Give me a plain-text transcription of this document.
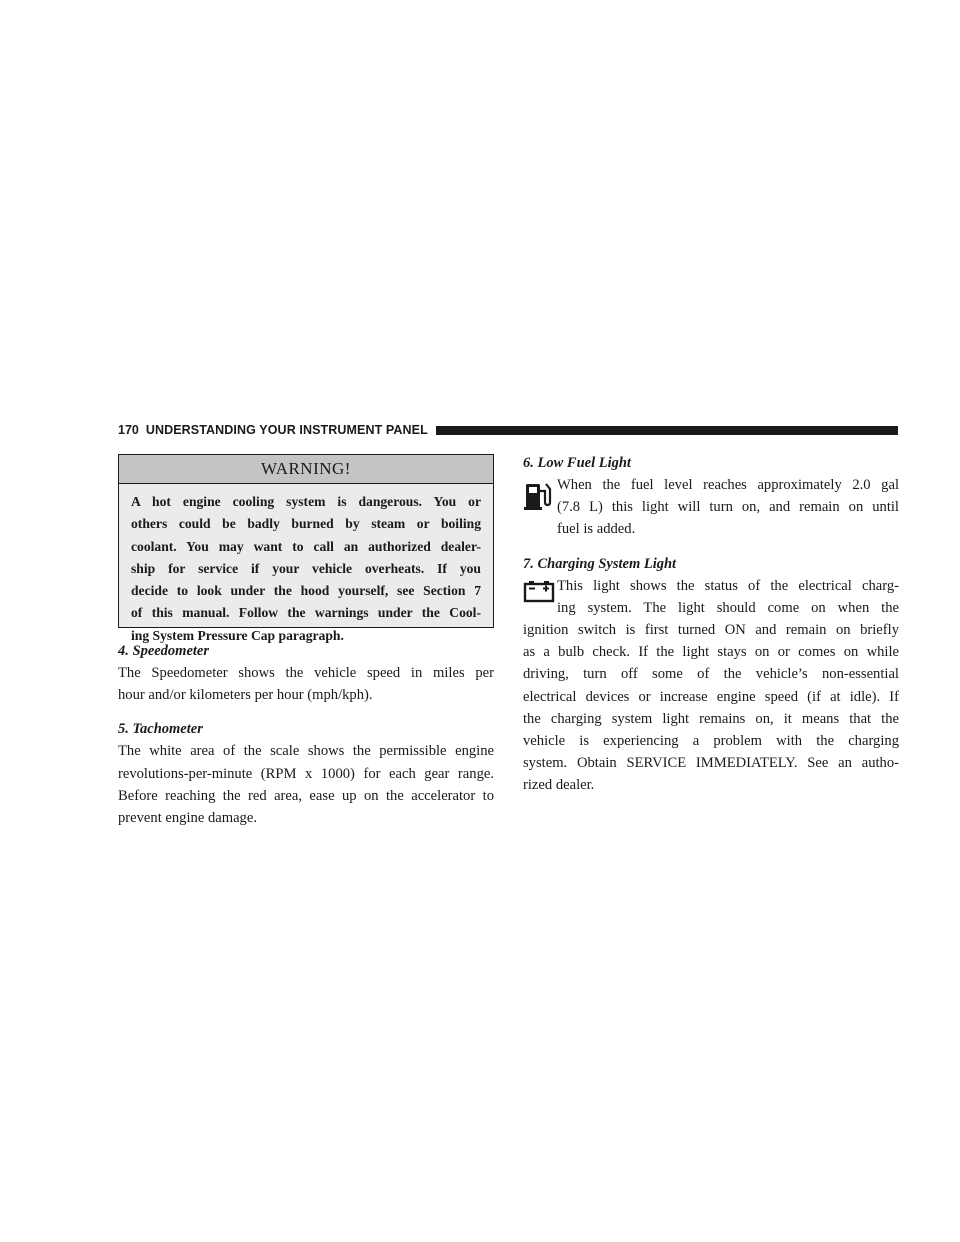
170 UNDERSTANDING YOUR INSTRUMENT PANEL
WARNING!
A hot engine cooling system is dangerous. You or
others could be badly burned by steam or boiling
coolant. You may want to call an authorized dealer-
ship for service if your vehicle overheats. If you
decide to look under the hood yourself, see Section 7
of this manual. Follow the warnings under the Cool-
ing System Pressure Cap paragraph.
4. Speedometer

The Speedometer shows the vehicle speed in miles per
hour and/or kilometers per hour (mph/kph).

5. Tachometer

The white area of the scale shows the permissible engine
revolutions-per-minute (RPM x 1000) for each gear range.
Before reaching the red area, ease up on the accelerator to
prevent engine damage.

6. Low Fuel Light

When the fuel level reaches approximately 2.0 gal
(7.8 L) this light will turn on, and remain on until
fuel is added.

7. Charging System Light

This light shows the status of the electrical charg-
ing system. The light should come on when the

ignition switch is first turned ON and remain on briefly
as a bulb check. If the light stays on or comes on while
driving, turn off some of the vehicle’s non-essential
electrical devices or increase engine speed (if at idle). If
the charging system light remains on, it means that the
vehicle is experiencing a problem with the charging
system. Obtain SERVICE IMMEDIATELY. See an autho-
rized dealer.
